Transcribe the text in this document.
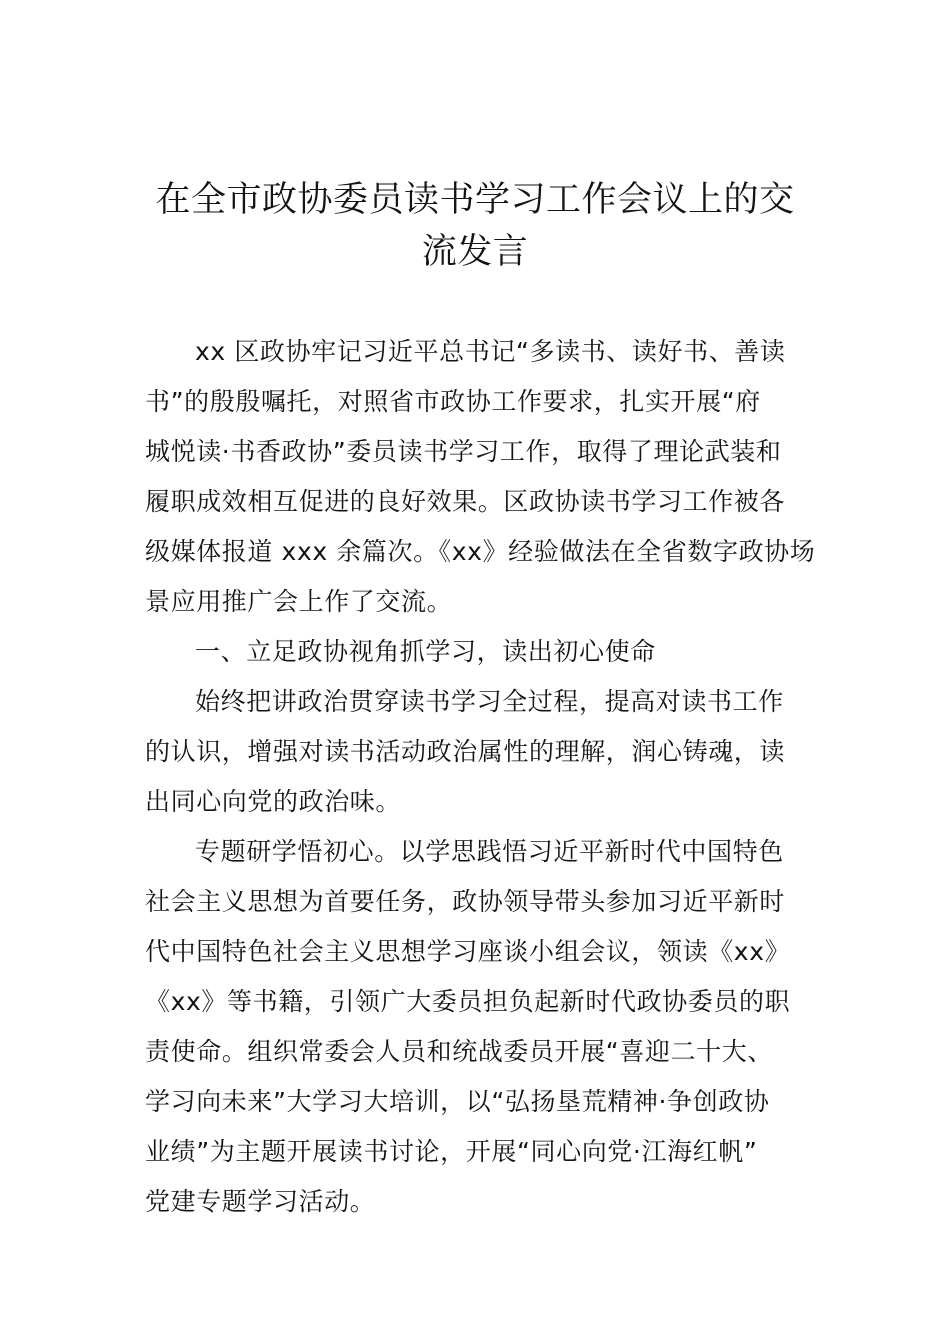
在全市政协委员读书学习工作会议上的交
流发言
xx 区政协牢记习近平总书记“多读书、读好书、善读
书”的殷殷嘱托，对照省市政协工作要求，扎实开展“府
城悦读·书香政协”委员读书学习工作，取得了理论武装和
履职成效相互促进的良好效果。区政协读书学习工作被各
级媒体报道 xxx 余篇次。《xx》经验做法在全省数字政协场
景应用推广会上作了交流。
一、立足政协视角抓学习，读出初心使命
始终把讲政治贯穿读书学习全过程，提高对读书工作
的认识，增强对读书活动政治属性的理解，润心铸魂，读
出同心向党的政治味。
专题研学悟初心。以学思践悟习近平新时代中国特色
社会主义思想为首要任务，政协领导带头参加习近平新时
代中国特色社会主义思想学习座谈小组会议，领读《xx》
《xx》等书籍，引领广大委员担负起新时代政协委员的职
责使命。组织常委会人员和统战委员开展“喜迎二十大、
学习向未来”大学习大培训，以“弘扬垦荒精神·争创政协
业绩”为主题开展读书讨论，开展“同心向党·江海红帆”
党建专题学习活动。
